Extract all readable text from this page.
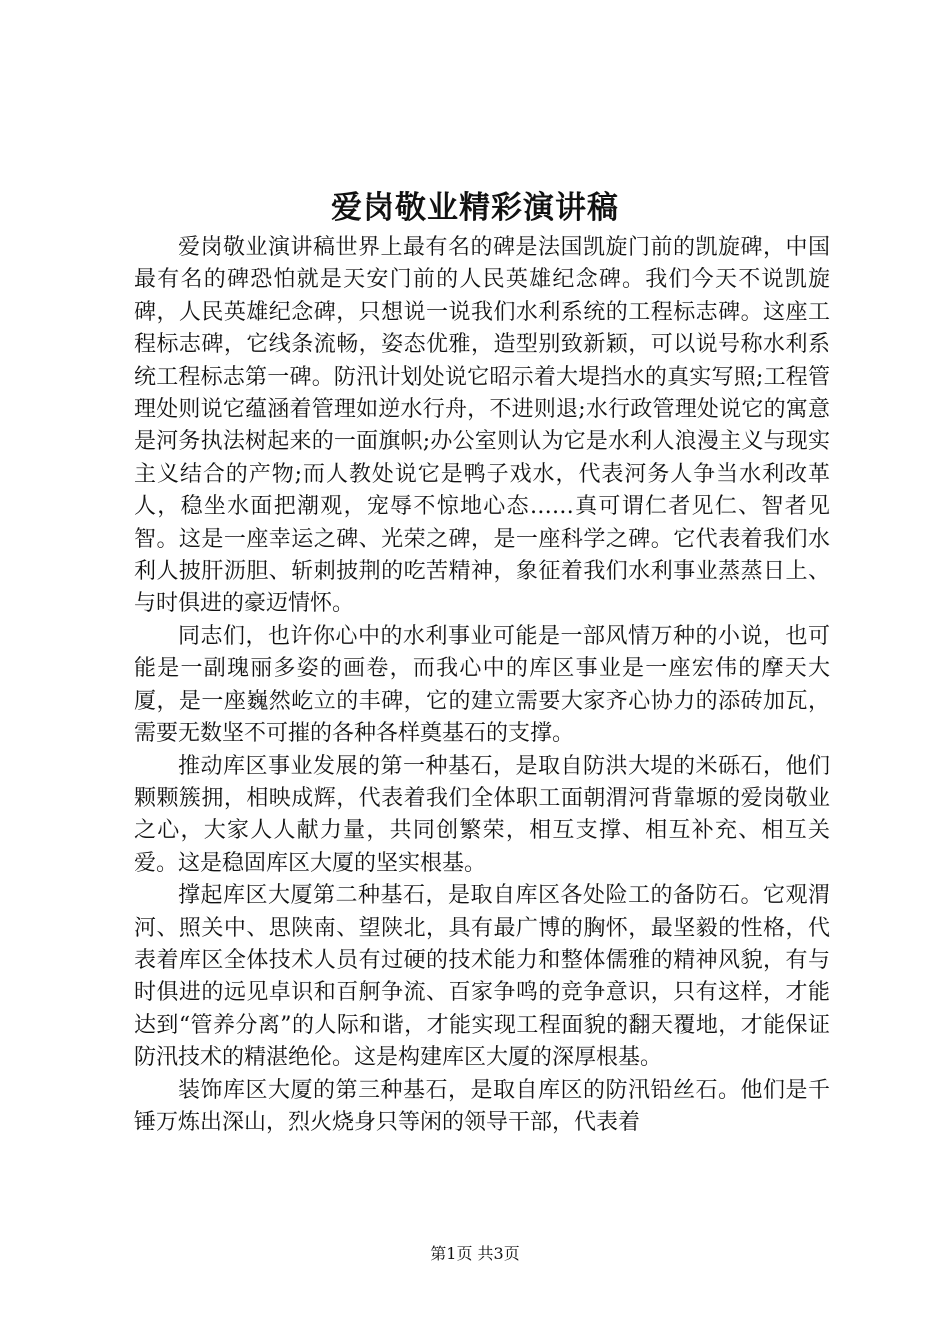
爱岗敬业精彩演讲稿

爱岗敬业演讲稿世界上最有名的碑是法国凯旋门前的凯旋碑，中国最有名的碑恐怕就是天安门前的人民英雄纪念碑。我们今天不说凯旋碑，人民英雄纪念碑，只想说一说我们水利系统的工程标志碑。这座工程标志碑，它线条流畅，姿态优雅，造型别致新颖，可以说号称水利系统工程标志第一碑。防汛计划处说它昭示着大堤挡水的真实写照;工程管理处则说它蕴涵着管理如逆水行舟，不进则退;水行政管理处说它的寓意是河务执法树起来的一面旗帜;办公室则认为它是水利人浪漫主义与现实主义结合的产物;而人教处说它是鸭子戏水，代表河务人争当水利改革人，稳坐水面把潮观，宠辱不惊地心态……真可谓仁者见仁、智者见智。这是一座幸运之碑、光荣之碑，是一座科学之碑。它代表着我们水利人披肝沥胆、斩刺披荆的吃苦精神，象征着我们水利事业蒸蒸日上、与时俱进的豪迈情怀。

同志们，也许你心中的水利事业可能是一部风情万种的小说，也可能是一副瑰丽多姿的画卷，而我心中的库区事业是一座宏伟的摩天大厦，是一座巍然屹立的丰碑，它的建立需要大家齐心协力的添砖加瓦，需要无数坚不可摧的各种各样奠基石的支撑。

推动库区事业发展的第一种基石，是取自防洪大堤的米砾石，他们颗颗簇拥，相映成辉，代表着我们全体职工面朝渭河背靠塬的爱岗敬业之心，大家人人献力量，共同创繁荣，相互支撑、相互补充、相互关爱。这是稳固库区大厦的坚实根基。

撑起库区大厦第二种基石，是取自库区各处险工的备防石。它观渭河、照关中、思陕南、望陕北，具有最广博的胸怀，最坚毅的性格，代表着库区全体技术人员有过硬的技术能力和整体儒雅的精神风貌，有与时俱进的远见卓识和百舸争流、百家争鸣的竞争意识，只有这样，才能达到“管养分离”的人际和谐，才能实现工程面貌的翻天覆地，才能保证防汛技术的精湛绝伦。这是构建库区大厦的深厚根基。

装饰库区大厦的第三种基石，是取自库区的防汛铅丝石。他们是千锤万炼出深山，烈火烧身只等闲的领导干部，代表着

第1页 共3页
